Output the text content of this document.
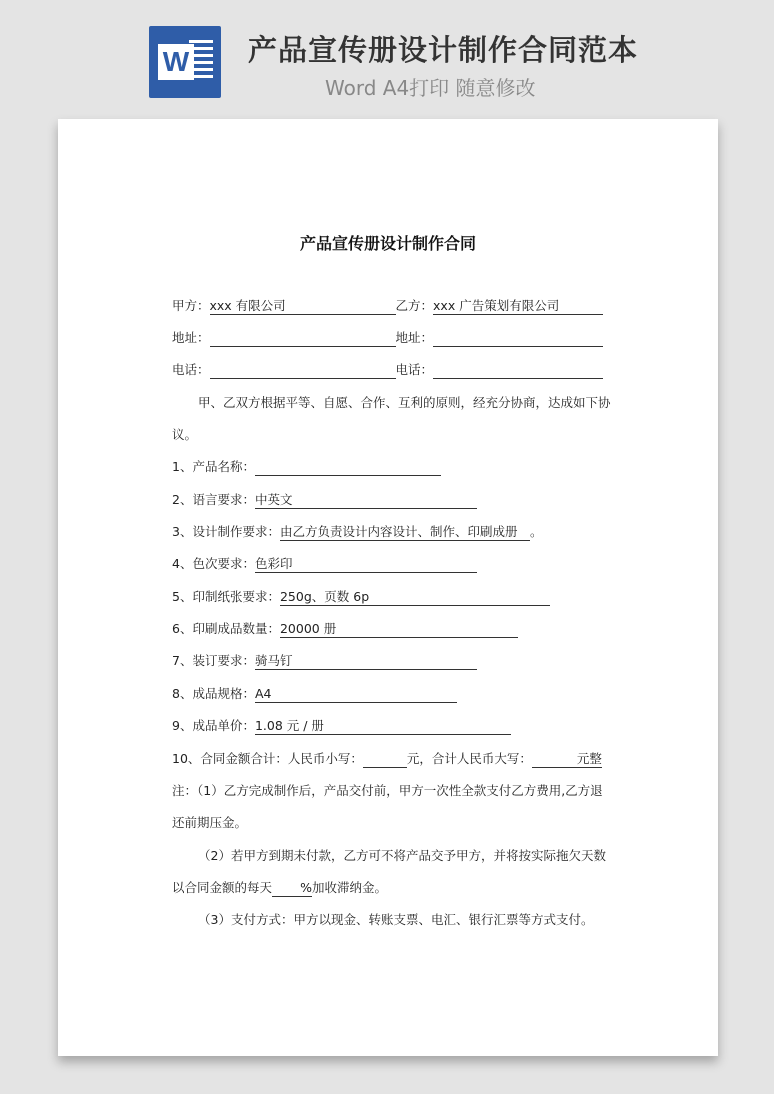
W 产品宣传册设计制作合同范本
Word A4打印 随意修改
产品宣传册设计制作合同
甲方：xxx 有限公司	乙方：xxx 广告策划有限公司
地址：	地址：
电话：	电话：
甲、乙双方根据平等、自愿、合作、互利的原则，经充分协商，达成如下协
议。
1、产品名称：
2、语言要求：中英文
3、设计制作要求：由乙方负责设计内容设计、制作、印刷成册 。
4、色次要求：色彩印
5、印制纸张要求：250g、页数 6p
6、印刷成品数量：20000 册
7、装订要求：骑马钉
8、成品规格：A4
9、成品单价：1.08 元 / 册
10、合同金额合计：人民币小写：	元，合计人民币大写：	元整
注：（1）乙方完成制作后，产品交付前，甲方一次性全款支付乙方费用,乙方退
还前期压金。
（2）若甲方到期未付款，乙方可不将产品交予甲方，并将按实际拖欠天数
以合同金额的每天 %加收滞纳金。
（3）支付方式：甲方以现金、转账支票、电汇、银行汇票等方式支付。
